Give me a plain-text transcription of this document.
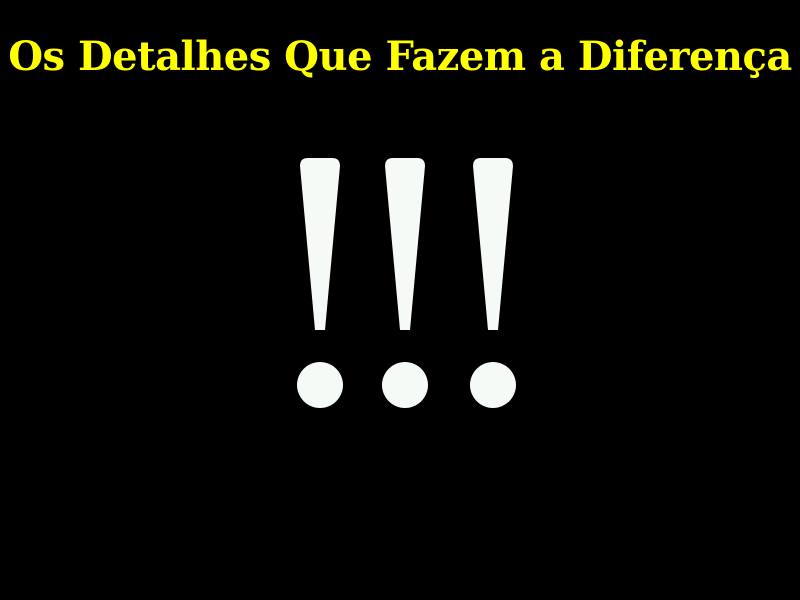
Os Detalhes Que Fazem a Diferença
